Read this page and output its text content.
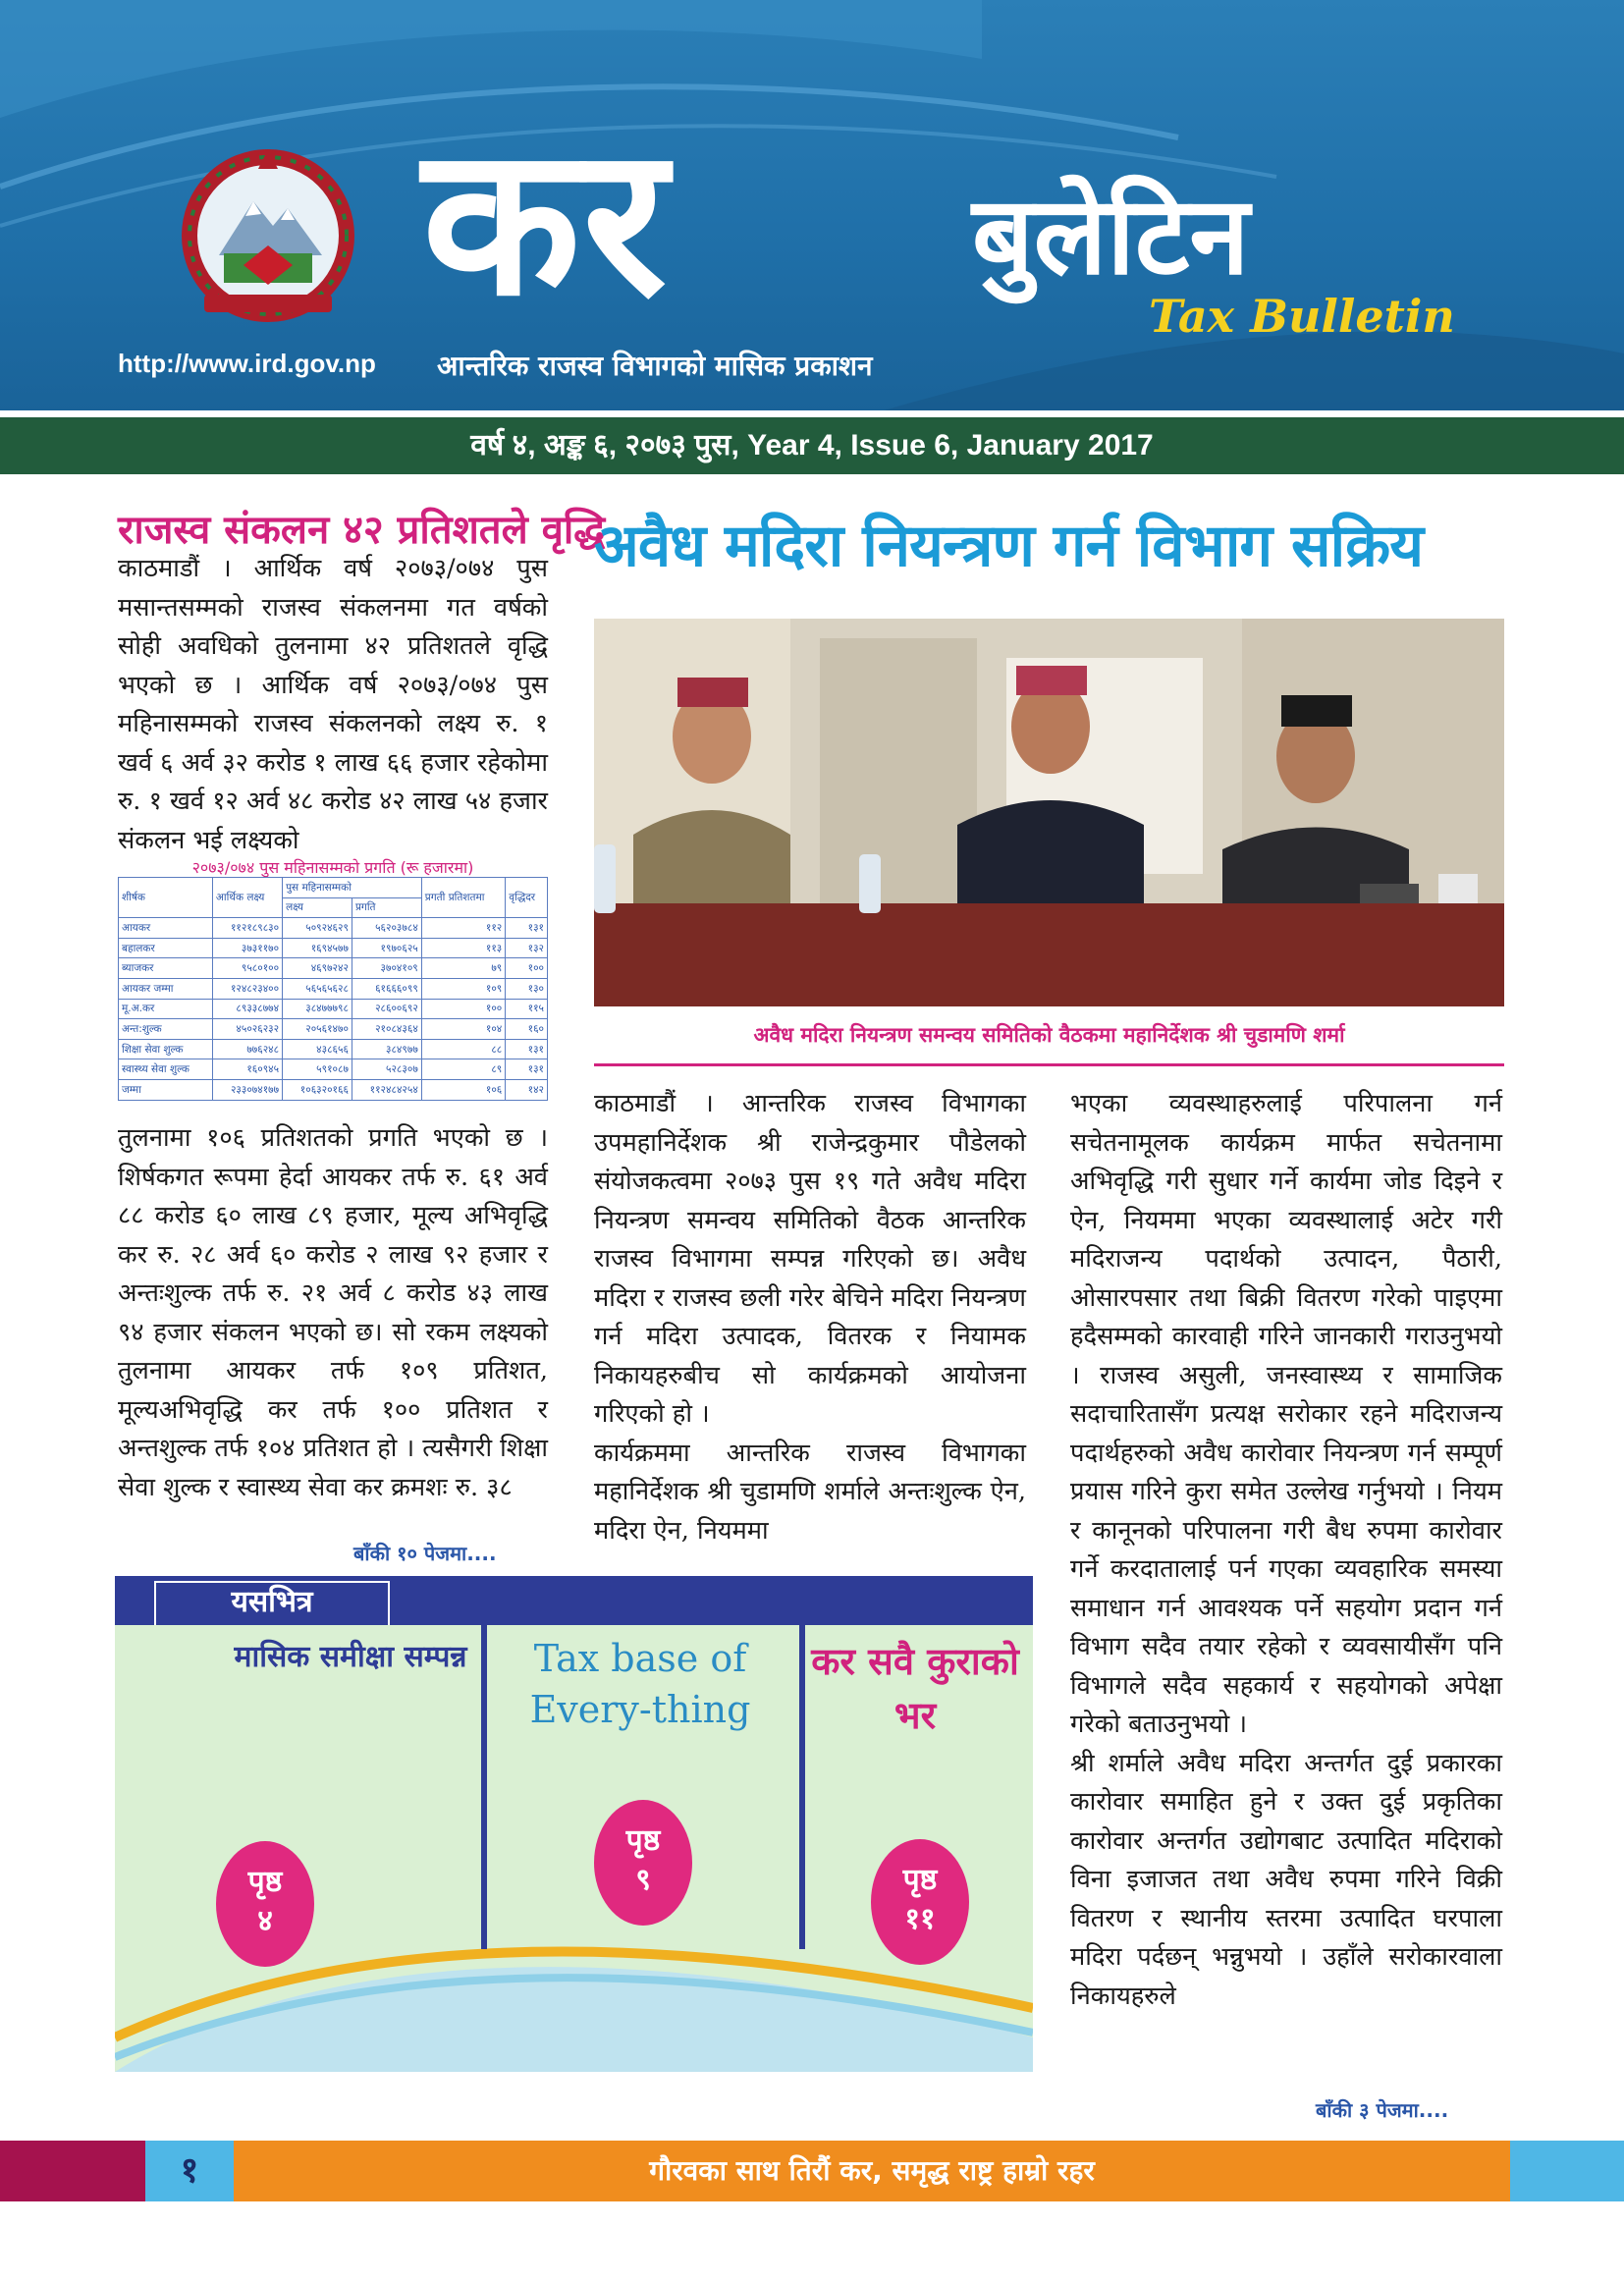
कर	बुलेटिन
Tax Bulletin
http://www.ird.gov.np आन्तरिक राजस्व विभागको मासिक प्रकाशन
वर्ष ४, अङ्क ६, २०७३ पुस, Year 4, Issue 6, January 2017
राजस्व संकलन ४२ प्रतिशतले वृद्धि
काठमाडौं । आर्थिक वर्ष २०७३/०७४ पुस मसान्तसम्मको राजस्व संकलनमा गत वर्षको सोही अवधिको तुलनामा ४२ प्रतिशतले वृद्धि भएको छ । आर्थिक वर्ष २०७३/०७४ पुस महिनासम्मको राजस्व संकलनको लक्ष्य रु. १ खर्व ६ अर्व ३२ करोड १ लाख ६६ हजार रहेकोमा रु. १ खर्व १२ अर्व ४८ करोड ४२ लाख ५४ हजार संकलन भई लक्ष्यको
२०७३/०७४ पुस महिनासम्मको प्रगति (रू हजारमा)
शीर्षक	आर्थिक लक्ष्य	पुस महिनासम्मको		प्रगती प्रतिशतमा	वृद्धिदर
		लक्ष्य	प्रगति		
आयकर	११२१८९८३०	५०९२४६२९	५६२०३७८४	११२	१३१
बहालकर	३७३११७०	१६९४५७७	१९७०६२५	११३	१३२
ब्याजकर	९५८०१००	४६९७२४२	३७०४१०९	७९	१००
आयकर जम्मा	१२४८२३४००	५६५६५६२८	६१६६६०९९	१०९	१३०
मू.अ.कर	८९३३८७७४	३८४७७७९८	२८६००६९२	१००	११५
अन्त:शुल्क	४५०२६२३२	२०५६१४७०	२१०८४३६४	१०४	१६०
शिक्षा सेवा शुल्क	७७६२४८	४३८६५६	३८४९७७	८८	१३१
स्वास्थ्य सेवा शुल्क	१६०९४५	५९१०८७	५२८३०७	८९	१३१
जम्मा	२३३०७४१७७	१०६३२०१६६	११२४८४२५४	१०६	१४२
तुलनामा १०६ प्रतिशतको प्रगति भएको छ । शिर्षकगत रूपमा हेर्दा आयकर तर्फ रु. ६१ अर्व ८८ करोड ६० लाख ८९ हजार, मूल्य अभिवृद्धि कर रु. २८ अर्व ६० करोड २ लाख ९२ हजार र अन्तःशुल्क तर्फ रु. २१ अर्व ८ करोड ४३ लाख ९४ हजार संकलन भएको छ। सो रकम लक्ष्यको तुलनामा आयकर तर्फ १०९ प्रतिशत, मूल्यअभिवृद्धि कर तर्फ १०० प्रतिशत र अन्तशुल्क तर्फ १०४ प्रतिशत हो । त्यसैगरी शिक्षा सेवा शुल्क र स्वास्थ्य सेवा कर क्रमशः रु. ३८
बाँकी १० पेजमा....
अवैध मदिरा नियन्त्रण गर्न विभाग सक्रिय
अवैध मदिरा नियन्त्रण समन्वय समितिको वैठकमा महानिर्देशक श्री चुडामणि शर्मा
काठमाडौं । आन्तरिक राजस्व विभागका उपमहानिर्देशक श्री राजेन्द्रकुमार पौडेलको संयोजकत्वमा २०७३ पुस १९ गते अवैध मदिरा नियन्त्रण समन्वय समितिको वैठक आन्तरिक राजस्व विभागमा सम्पन्न गरिएको छ। अवैध मदिरा र राजस्व छली गरेर बेचिने मदिरा नियन्त्रण गर्न मदिरा उत्पादक, वितरक र नियामक निकायहरुबीच सो कार्यक्रमको आयोजना गरिएको हो ।
कार्यक्रममा आन्तरिक राजस्व विभागका महानिर्देशक श्री चुडामणि शर्माले अन्तःशुल्क ऐन, मदिरा ऐन, नियममा
भएका व्यवस्थाहरुलाई परिपालना गर्न सचेतनामूलक कार्यक्रम मार्फत सचेतनामा अभिवृद्धि गरी सुधार गर्ने कार्यमा जोड दिइने र ऐन, नियममा भएका व्यवस्थालाई अटेर गरी मदिराजन्य पदार्थको उत्पादन, पैठारी, ओसारपसार तथा बिक्री वितरण गरेको पाइएमा हदैसम्मको कारवाही गरिने जानकारी गराउनुभयो । राजस्व असुली, जनस्वास्थ्य र सामाजिक सदाचारितासँग प्रत्यक्ष सरोकार रहने मदिराजन्य पदार्थहरुको अवैध कारोवार नियन्त्रण गर्न सम्पूर्ण प्रयास गरिने कुरा समेत उल्लेख गर्नुभयो । नियम र कानूनको परिपालना गरी बैध रुपमा कारोवार गर्ने करदातालाई पर्न गएका व्यवहारिक समस्या समाधान गर्न आवश्यक पर्ने सहयोग प्रदान गर्न विभाग सदैव तयार रहेको र व्यवसायीसँग पनि विभागले सदैव सहकार्य र सहयोगको अपेक्षा गरेको बताउनुभयो ।
श्री शर्माले अवैध मदिरा अन्तर्गत दुई प्रकारका कारोवार समाहित हुने र उक्त दुई प्रकृतिका कारोवार अन्तर्गत उद्योगबाट उत्पादित मदिराको विना इजाजत तथा अवैध रुपमा गरिने विक्री वितरण र स्थानीय स्तरमा उत्पादित घरपाला मदिरा पर्दछन् भन्नुभयो । उहाँले सरोकारवाला निकायहरुले
बाँकी ३ पेजमा....
यसभित्र
मासिक समीक्षा सम्पन्न	Tax base of Every-thing
कर सवै कुराको भर
पृष्ठ
४
पृष्ठ
९	पृष्ठ
११
१	गौरवका साथ तिरौं कर, समृद्ध राष्ट्र हाम्रो रहर
